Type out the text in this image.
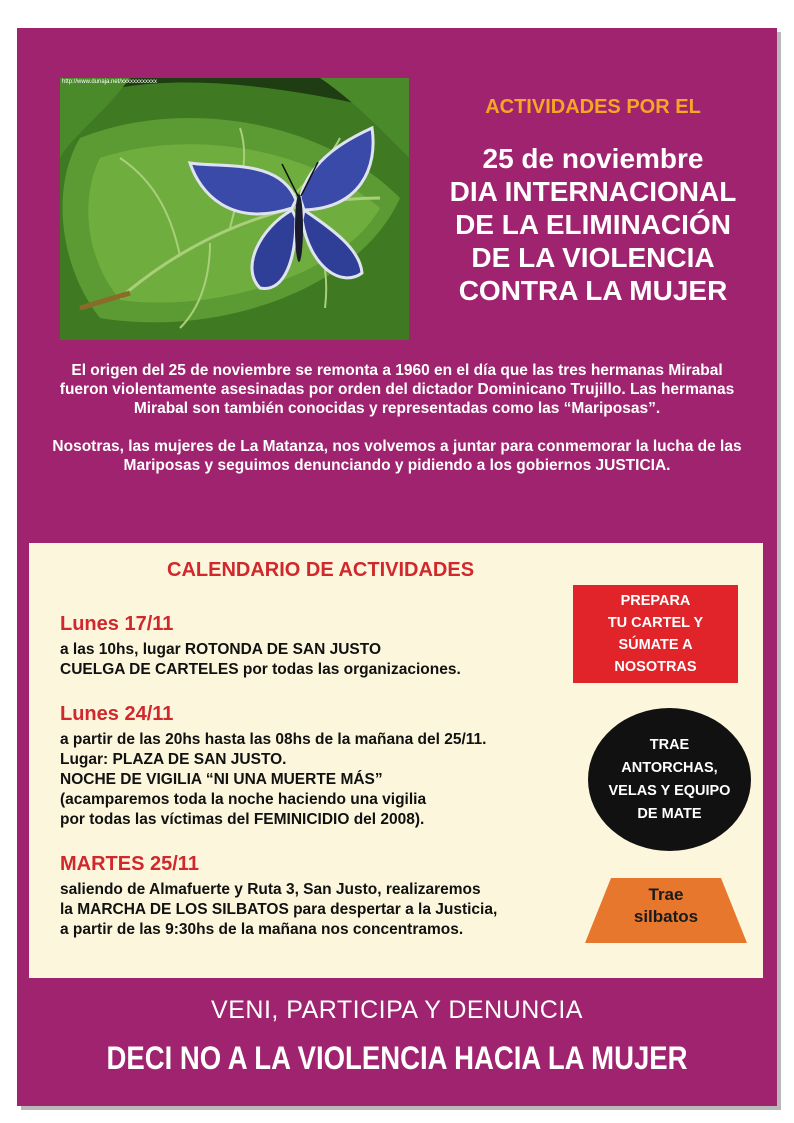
http://www.dunaja.net/xxxxxxxxxxxx
ACTIVIDADES POR EL
25 de noviembre
DIA INTERNACIONAL
DE LA ELIMINACIÓN
DE LA VIOLENCIA
CONTRA LA MUJER

El origen del 25 de noviembre se remonta a 1960 en el día que las tres hermanas Mirabal fueron violentamente asesinadas por orden del dictador Dominicano Trujillo. Las hermanas Mirabal son también conocidas y representadas como las “Mariposas”.

Nosotras, las mujeres de La Matanza, nos volvemos a juntar para conmemorar la lucha de las Mariposas y seguimos denunciando y pidiendo a los gobiernos JUSTICIA.

CALENDARIO DE ACTIVIDADES
Lunes 17/11
a las 10hs, lugar ROTONDA DE SAN JUSTO
CUELGA DE CARTELES por todas las organizaciones.
Lunes 24/11
a partir de las 20hs hasta las 08hs de la mañana del 25/11.
Lugar: PLAZA DE SAN JUSTO.
NOCHE DE VIGILIA “NI UNA MUERTE MÁS”
(acamparemos toda la noche haciendo una vigilia
por todas las víctimas del FEMINICIDIO del 2008).
MARTES 25/11
saliendo de Almafuerte y Ruta 3, San Justo, realizaremos
la MARCHA DE LOS SILBATOS para despertar a la Justicia,
a partir de las 9:30hs de la mañana nos concentramos.
PREPARA
TU CARTEL Y
SÚMATE A
NOSOTRAS
TRAE
ANTORCHAS,
VELAS Y EQUIPO
DE MATE
Trae
silbatos
VENI, PARTICIPA Y DENUNCIA
DECI NO A LA VIOLENCIA HACIA LA MUJER
